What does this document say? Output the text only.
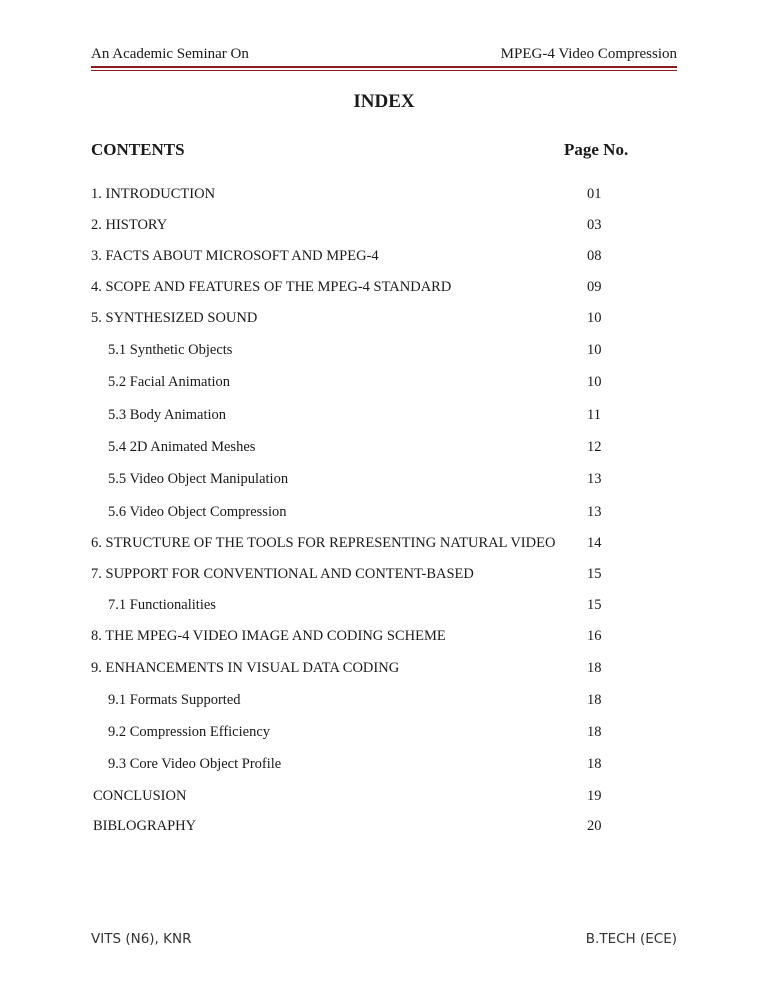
An Academic Seminar On	MPEG-4 Video Compression
INDEX
CONTENTS	Page No.
1. INTRODUCTION	01
2. HISTORY	03
3. FACTS ABOUT MICROSOFT AND MPEG-4	08
4. SCOPE AND FEATURES OF THE MPEG-4 STANDARD	09
5. SYNTHESIZED SOUND	10
5.1 Synthetic Objects	10
5.2 Facial Animation	10
5.3 Body Animation	11
5.4 2D Animated Meshes	12
5.5 Video Object Manipulation	13
5.6 Video Object Compression	13
6. STRUCTURE OF THE TOOLS FOR REPRESENTING NATURAL VIDEO 14
7. SUPPORT FOR CONVENTIONAL AND CONTENT-BASED	15
7.1 Functionalities	15
8. THE MPEG-4 VIDEO IMAGE AND CODING SCHEME	16
9. ENHANCEMENTS IN VISUAL DATA CODING	18
9.1 Formats Supported	18
9.2 Compression Efficiency	18
9.3 Core Video Object Profile	18
CONCLUSION	19
BIBLOGRAPHY	20
VITS (N6), KNR	B.TECH (ECE)
